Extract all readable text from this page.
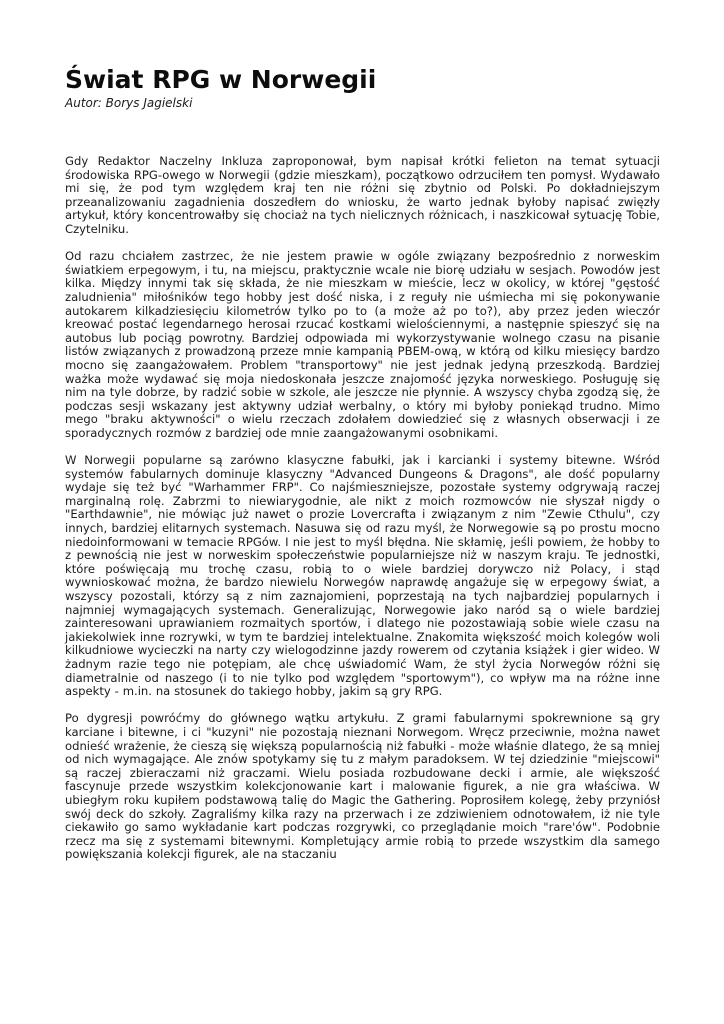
Świat RPG w Norwegii

Autor: Borys Jagielski

Gdy Redaktor Naczelny Inkluza zaproponował, bym napisał krótki felieton na temat sytuacji środowiska RPG-owego w Norwegii (gdzie mieszkam), początkowo odrzuciłem ten pomysł. Wydawało mi się, że pod tym względem kraj ten nie różni się zbytnio od Polski. Po dokładniejszym przeanalizowaniu zagadnienia doszedłem do wniosku, że warto jednak byłoby napisać zwięzły artykuł, który koncentrowałby się chociaż na tych nielicznych różnicach, i naszkicował sytuację Tobie, Czytelniku.

Od razu chciałem zastrzec, że nie jestem prawie w ogóle związany bezpośrednio z norweskim światkiem erpegowym, i tu, na miejscu, praktycznie wcale nie biorę udziału w sesjach. Powodów jest kilka. Między innymi tak się składa, że nie mieszkam w mieście, lecz w okolicy, w której "gęstość zaludnienia" miłośników tego hobby jest dość niska, i z reguły nie uśmiecha mi się pokonywanie autokarem kilkadziesięciu kilometrów tylko po to (a może aż po to?), aby przez jeden wieczór kreować postać legendarnego herosai rzucać kostkami wielościennymi, a następnie spieszyć się na autobus lub pociąg powrotny. Bardziej odpowiada mi wykorzystywanie wolnego czasu na pisanie listów związanych z prowadzoną przeze mnie kampanią PBEM-ową, w którą od kilku miesięcy bardzo mocno się zaangażowałem. Problem "transportowy" nie jest jednak jedyną przeszkodą. Bardziej ważka może wydawać się moja niedoskonała jeszcze znajomość języka norweskiego. Posługuję się nim na tyle dobrze, by radzić sobie w szkole, ale jeszcze nie płynnie. A wszyscy chyba zgodzą się, że podczas sesji wskazany jest aktywny udział werbalny, o który mi byłoby poniekąd trudno. Mimo mego "braku aktywności" o wielu rzeczach zdołałem dowiedzieć się z własnych obserwacji i ze sporadycznych rozmów z bardziej ode mnie zaangażowanymi osobnikami.

W Norwegii popularne są zarówno klasyczne fabułki, jak i karcianki i systemy bitewne. Wśród systemów fabularnych dominuje klasyczny "Advanced Dungeons & Dragons", ale dość popularny wydaje się też być "Warhammer FRP". Co najśmieszniejsze, pozostałe systemy odgrywają raczej marginalną rolę. Zabrzmi to niewiarygodnie, ale nikt z moich rozmowców nie słyszał nigdy o "Earthdawnie", nie mówiąc już nawet o prozie Lovercrafta i związanym z nim "Zewie Cthulu", czy innych, bardziej elitarnych systemach. Nasuwa się od razu myśl, że Norwegowie są po prostu mocno niedoinformowani w temacie RPGów. I nie jest to myśl błędna. Nie skłamię, jeśli powiem, że hobby to z pewnością nie jest w norweskim społeczeństwie popularniejsze niż w naszym kraju. Te jednostki, które poświęcają mu trochę czasu, robią to o wiele bardziej dorywczo niż Polacy, i stąd wywnioskować można, że bardzo niewielu Norwegów naprawdę angażuje się w erpegowy świat, a wszyscy pozostali, którzy są z nim zaznajomieni, poprzestają na tych najbardziej popularnych i najmniej wymagających systemach. Generalizując, Norwegowie jako naród są o wiele bardziej zainteresowani uprawianiem rozmaitych sportów, i dlatego nie pozostawiają sobie wiele czasu na jakiekolwiek inne rozrywki, w tym te bardziej intelektualne. Znakomita większość moich kolegów woli kilkudniowe wycieczki na narty czy wielogodzinne jazdy rowerem od czytania książek i gier wideo. W żadnym razie tego nie potępiam, ale chcę uświadomić Wam, że styl życia Norwegów różni się diametralnie od naszego (i to nie tylko pod względem "sportowym"), co wpływ ma na różne inne aspekty - m.in. na stosunek do takiego hobby, jakim są gry RPG.

Po dygresji powróćmy do głównego wątku artykułu. Z grami fabularnymi spokrewnione są gry karciane i bitewne, i ci "kuzyni" nie pozostają nieznani Norwegom. Wręcz przeciwnie, można nawet odnieść wrażenie, że cieszą się większą popularnością niż fabułki - może właśnie dlatego, że są mniej od nich wymagające. Ale znów spotykamy się tu z małym paradoksem. W tej dziedzinie "miejscowi" są raczej zbieraczami niż graczami. Wielu posiada rozbudowane decki i armie, ale większość fascynuje przede wszystkim kolekcjonowanie kart i malowanie figurek, a nie gra właściwa. W ubiegłym roku kupiłem podstawową talię do Magic the Gathering. Poprosiłem kolegę, żeby przyniósł swój deck do szkoły. Zagraliśmy kilka razy na przerwach i ze zdziwieniem odnotowałem, iż nie tyle ciekawiło go samo wykładanie kart podczas rozgrywki, co przeglądanie moich "rare'ów". Podobnie rzecz ma się z systemami bitewnymi. Kompletujący armie robią to przede wszystkim dla samego powiększania kolekcji figurek, ale na staczaniu
